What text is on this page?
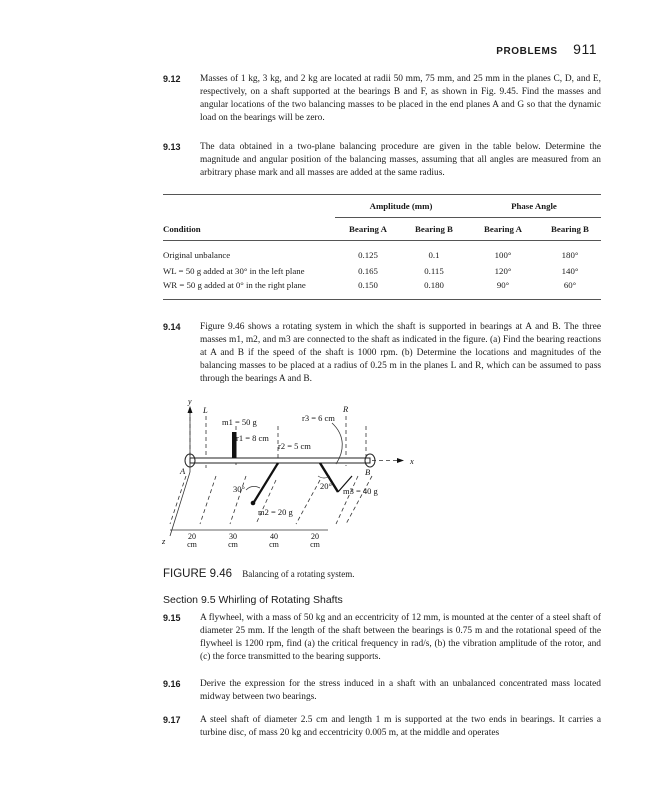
PROBLEMS 911
9.12 Masses of 1 kg, 3 kg, and 2 kg are located at radii 50 mm, 75 mm, and 25 mm in the planes C, D, and E, respectively, on a shaft supported at the bearings B and F, as shown in Fig. 9.45. Find the masses and angular locations of the two balancing masses to be placed in the end planes A and G so that the dynamic load on the bearings will be zero.
9.13 The data obtained in a two-plane balancing procedure are given in the table below. Determine the magnitude and angular position of the balancing masses, assuming that all angles are measured from an arbitrary phase mark and all masses are added at the same radius.

	Amplitude (mm)		Phase Angle	
Condition	Bearing A	Bearing B	Bearing A	Bearing B
Original unbalance	0.125	0.1	100°	180°
WL = 50 g added at 30° in the left plane	0.165	0.115	120°	140°
WR = 50 g added at 0° in the right plane	0.150	0.180	90°	60°
9.14 Figure 9.46 shows a rotating system in which the shaft is supported in bearings at A and B. The three masses m1, m2, and m3 are connected to the shaft as indicated in the figure. (a) Find the bearing reactions at A and B if the speed of the shaft is 1000 rpm. (b) Determine the locations and magnitudes of the balancing masses to be placed at a radius of 0.25 m in the planes L and R, which can be assumed to pass through the bearings A and B.
z
y
x
A	B
L	R
m1 = 50 g
r1 = 8 cm
r2 = 5 cm
r3 = 6 cm
30°
m2 = 20 g
20° m3 = 40 g
20 cm
30 cm
40 cm
20 cm
FIGURE 9.46 Balancing of a rotating system.
Section 9.5 Whirling of Rotating Shafts
9.15 A flywheel, with a mass of 50 kg and an eccentricity of 12 mm, is mounted at the center of a steel shaft of diameter 25 mm. If the length of the shaft between the bearings is 0.75 m and the rotational speed of the flywheel is 1200 rpm, find (a) the critical frequency in rad/s, (b) the vibration amplitude of the rotor, and (c) the force transmitted to the bearing supports.
9.16 Derive the expression for the stress induced in a shaft with an unbalanced concentrated mass located midway between two bearings.
9.17 A steel shaft of diameter 2.5 cm and length 1 m is supported at the two ends in bearings. It carries a turbine disc, of mass 20 kg and eccentricity 0.005 m, at the middle and operates
